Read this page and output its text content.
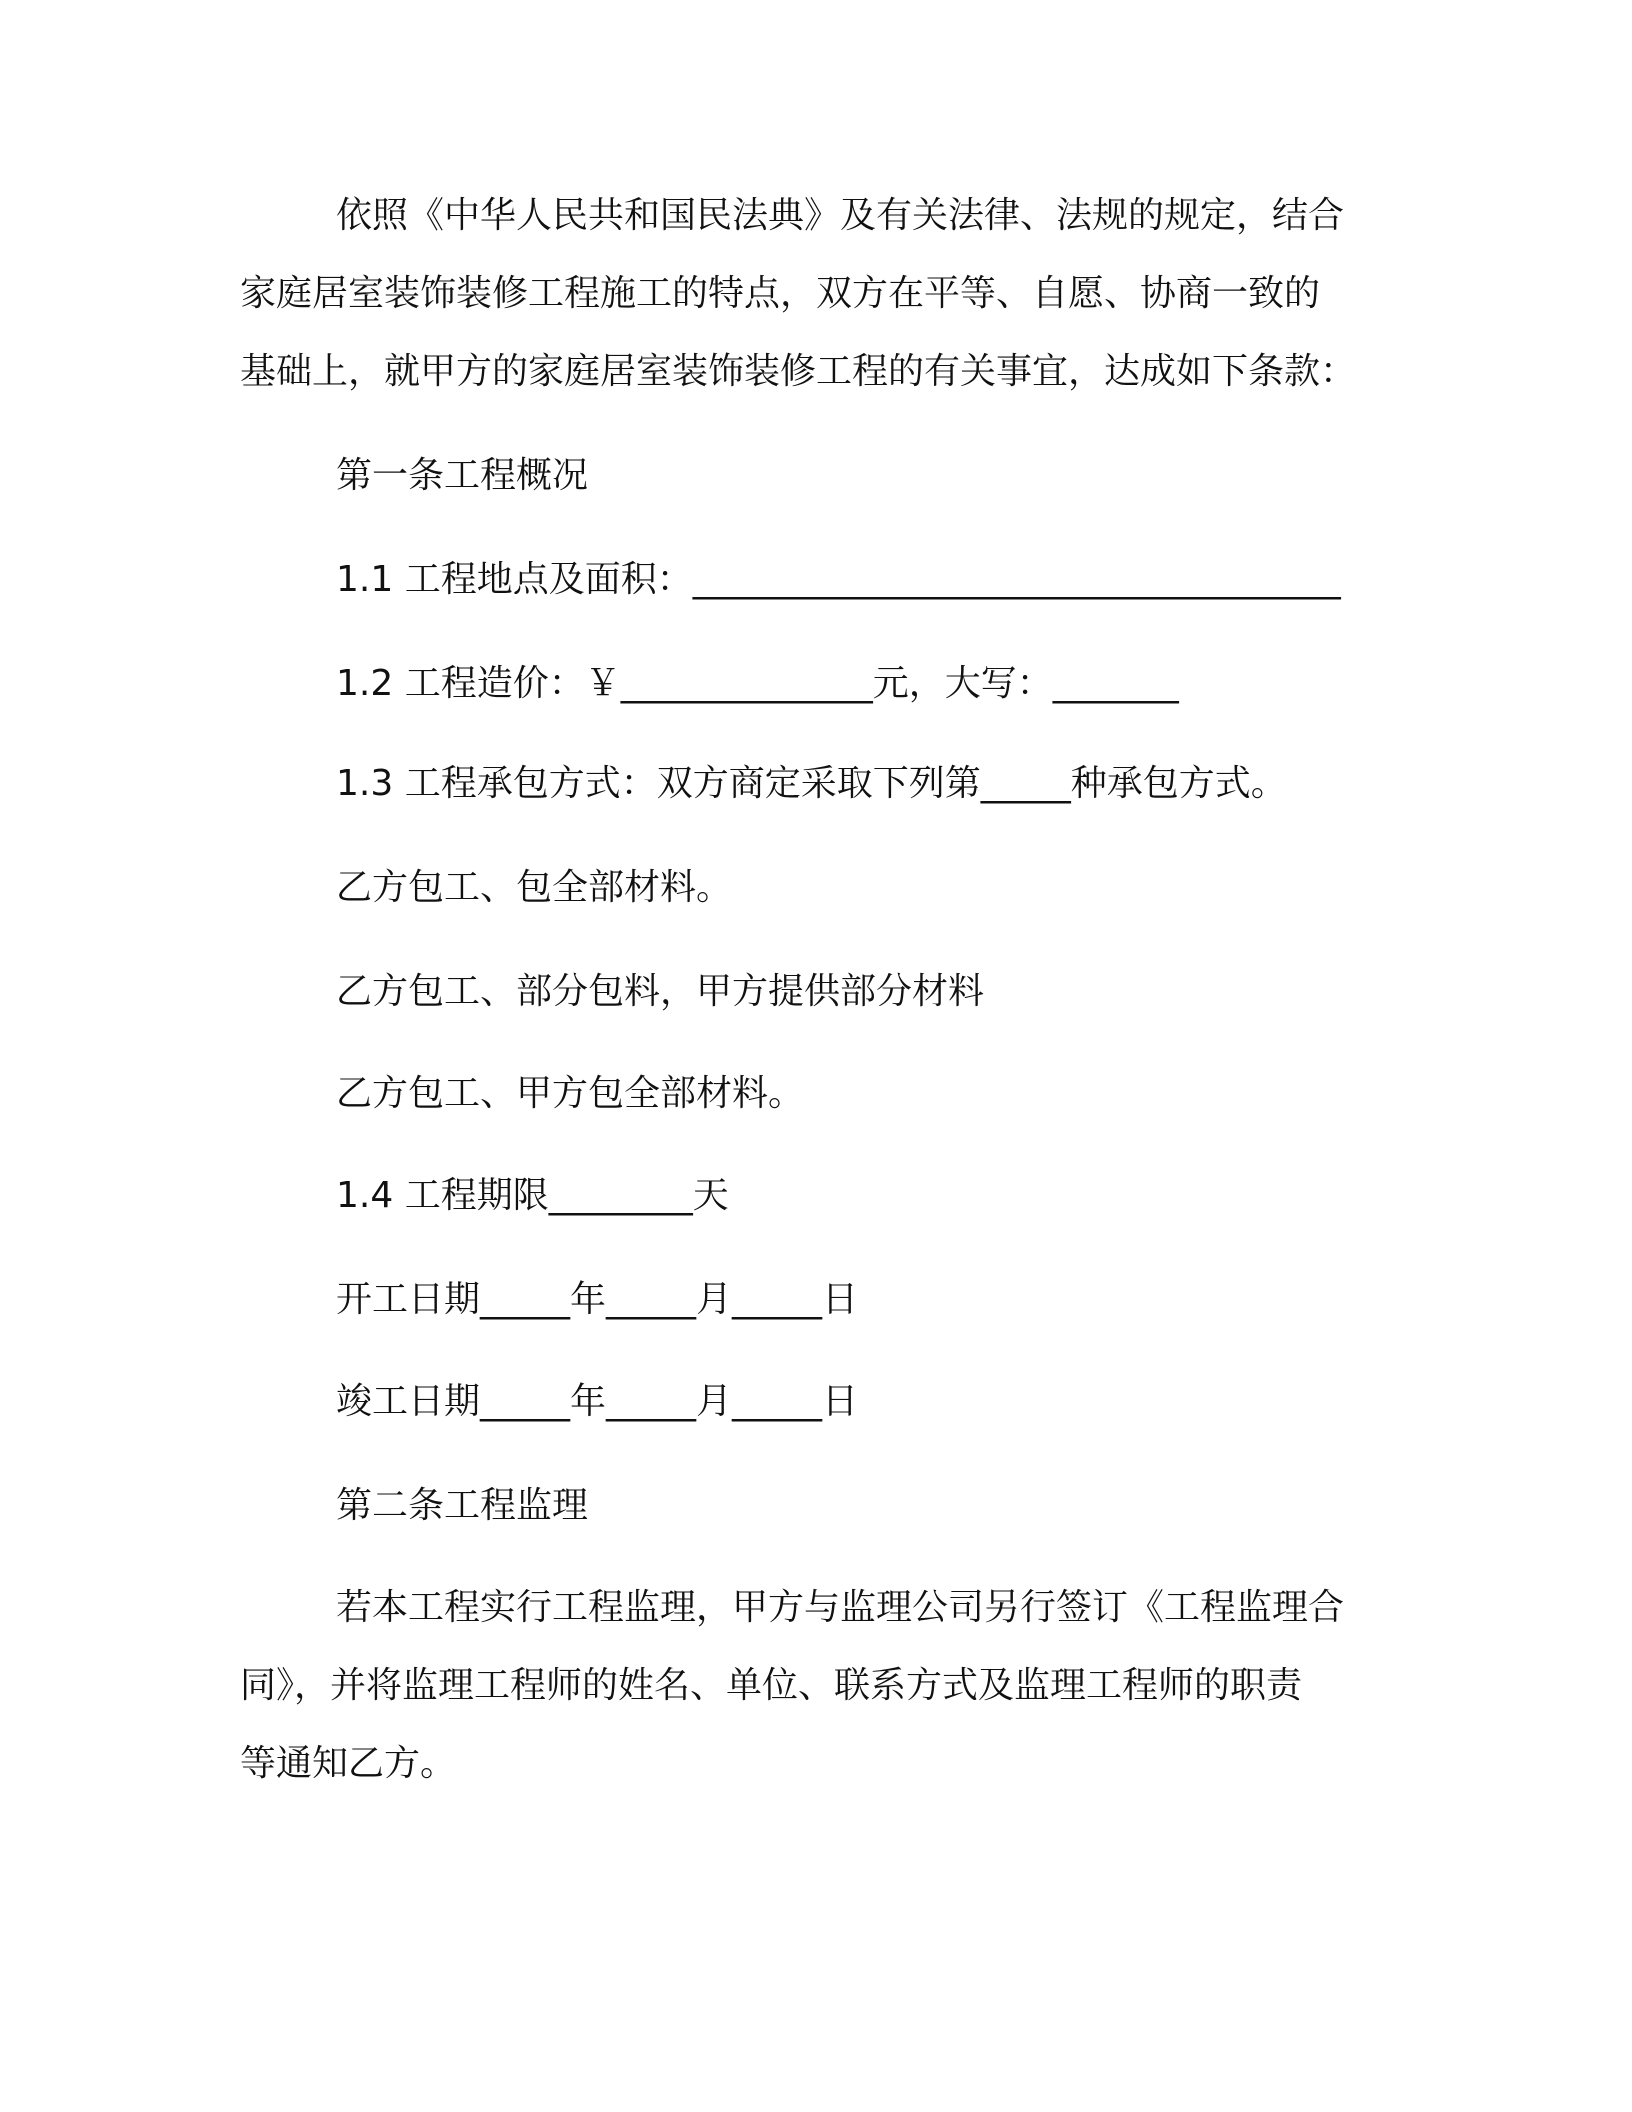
依照《中华人民共和国民法典》及有关法律、法规的规定，结合

家庭居室装饰装修工程施工的特点，双方在平等、自愿、协商一致的

基础上，就甲方的家庭居室装饰装修工程的有关事宜，达成如下条款：

第一条工程概况

1.1 工程地点及面积：____________________________________

1.2 工程造价：￥______________元，大写：_______

1.3 工程承包方式：双方商定采取下列第_____种承包方式。

乙方包工、包全部材料。

乙方包工、部分包料，甲方提供部分材料

乙方包工、甲方包全部材料。

1.4 工程期限________天

开工日期_____年_____月_____日

竣工日期_____年_____月_____日

第二条工程监理

若本工程实行工程监理，甲方与监理公司另行签订《工程监理合

同》，并将监理工程师的姓名、单位、联系方式及监理工程师的职责

等通知乙方。
